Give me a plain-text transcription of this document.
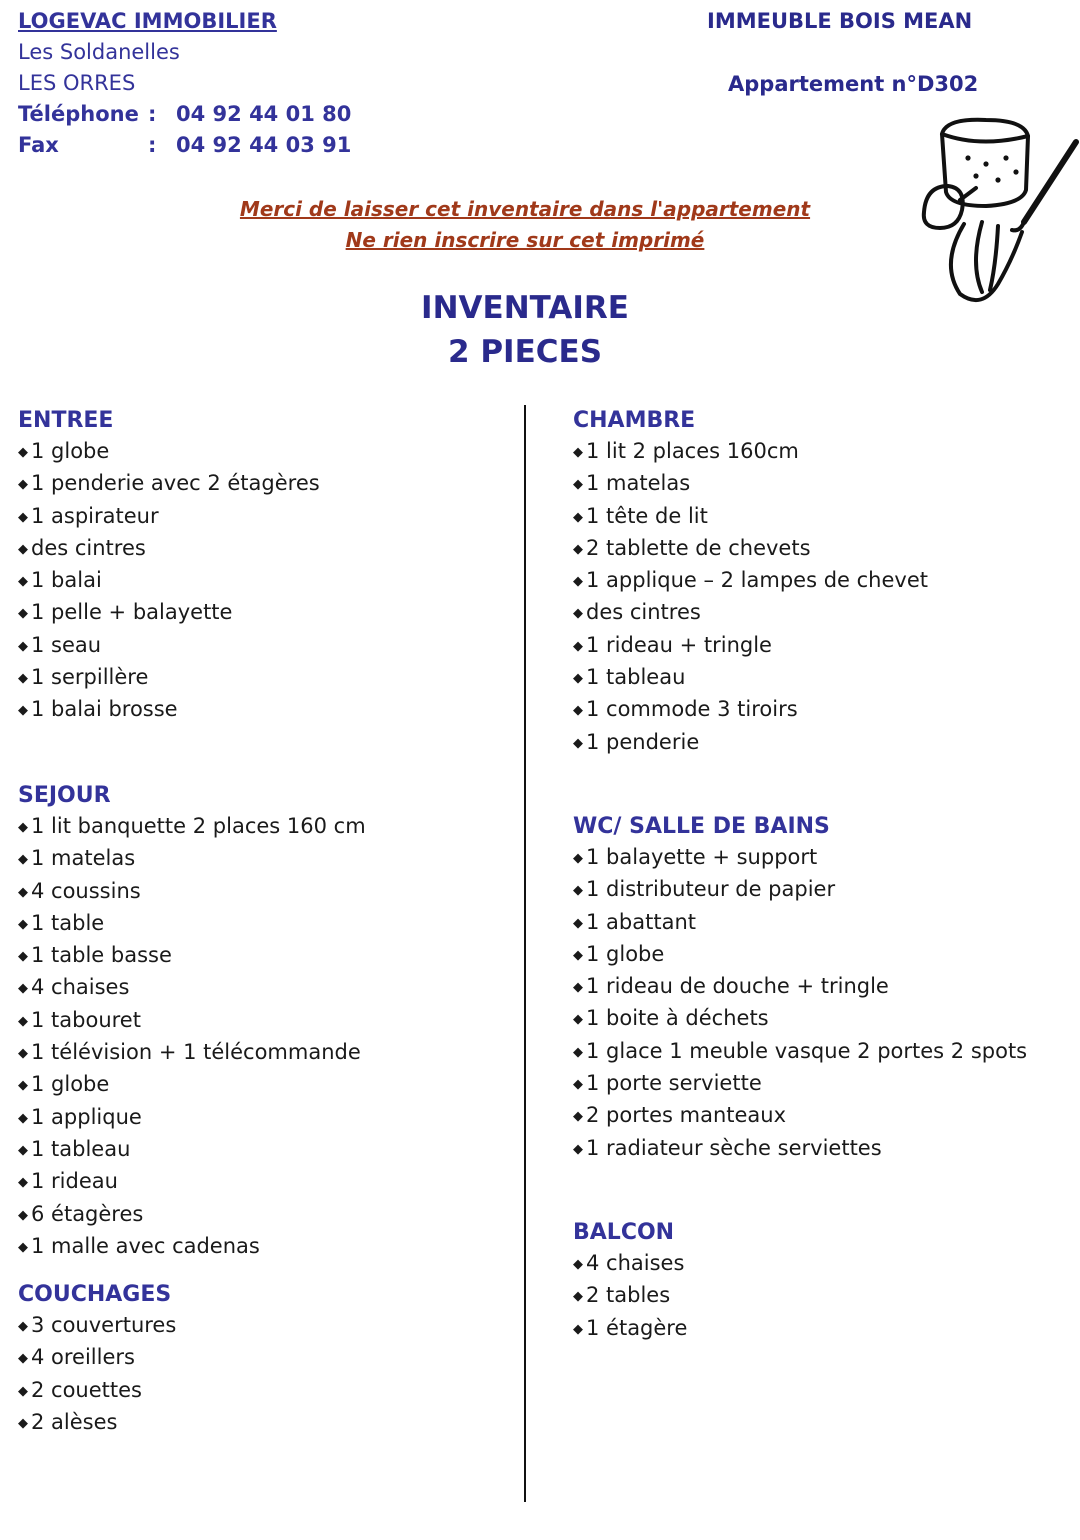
LOGEVAC IMMOBILIER
Les Soldanelles
LES ORRES
Téléphone : 04 92 44 01 80
Fax	: 04 92 44 03 91
IMMEUBLE BOIS MEAN
Appartement n°D302
Merci de laisser cet inventaire dans l'appartement
Ne rien inscrire sur cet imprimé
INVENTAIRE
2 PIECES
ENTREE
◆ 1 globe
◆ 1 penderie avec 2 étagères
◆ 1 aspirateur
◆ des cintres
◆ 1 balai
◆ 1 pelle + balayette
◆ 1 seau
◆ 1 serpillère
◆ 1 balai brosse
SEJOUR
◆ 1 lit banquette 2 places 160 cm
◆ 1 matelas
◆ 4 coussins
◆ 1 table
◆ 1 table basse
◆ 4 chaises
◆ 1 tabouret
◆ 1 télévision + 1 télécommande
◆ 1 globe
◆ 1 applique
◆ 1 tableau
◆ 1 rideau
◆ 6 étagères
◆ 1 malle avec cadenas
COUCHAGES
◆ 3 couvertures
◆ 4 oreillers
◆ 2 couettes
◆ 2 alèses
CHAMBRE
◆ 1 lit 2 places 160cm
◆ 1 matelas
◆ 1 tête de lit
◆ 2 tablette de chevets
◆ 1 applique – 2 lampes de chevet
◆ des cintres
◆ 1 rideau + tringle
◆ 1 tableau
◆ 1 commode 3 tiroirs
◆ 1 penderie
WC/ SALLE DE BAINS
◆ 1 balayette + support
◆ 1 distributeur de papier
◆ 1 abattant
◆ 1 globe
◆ 1 rideau de douche + tringle
◆ 1 boite à déchets
◆ 1 glace 1 meuble vasque 2 portes 2 spots
◆ 1 porte serviette
◆ 2 portes manteaux
◆ 1 radiateur sèche serviettes
BALCON
◆ 4 chaises
◆ 2 tables
◆ 1 étagère
